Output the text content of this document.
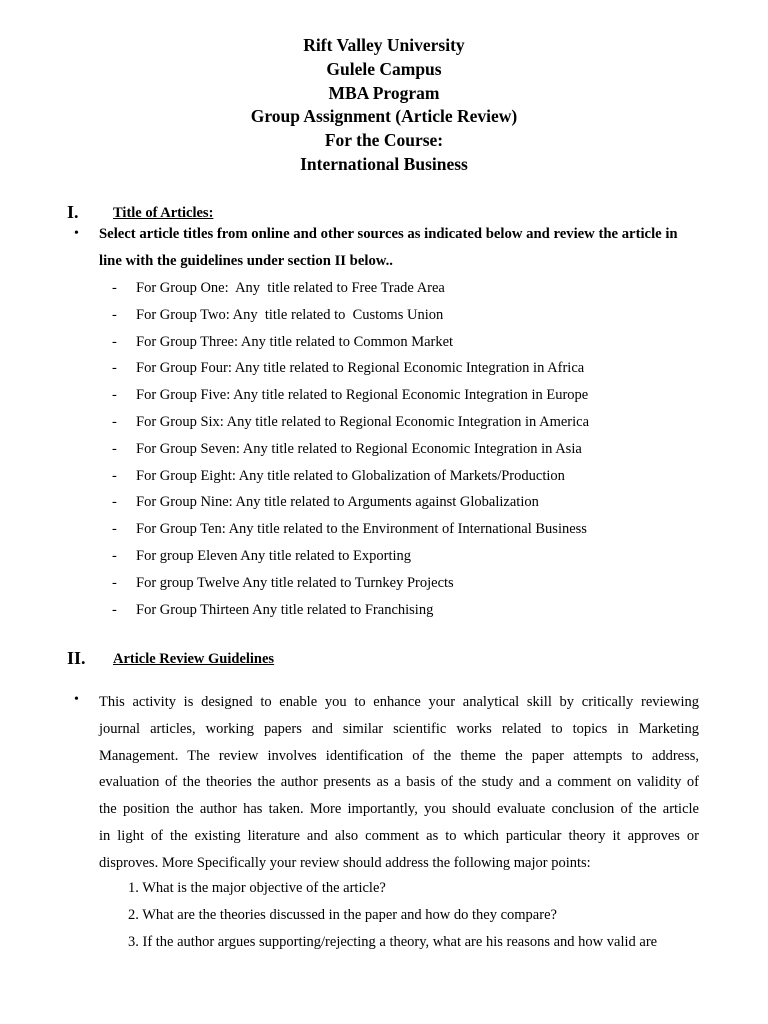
Rift Valley University
Gulele Campus
MBA Program
Group Assignment (Article Review)
For the Course:
International Business
I. Title of Articles:
• Select article titles from online and other sources as indicated below and review the article in
line with the guidelines under section II below..
- For Group One:  Any  title related to Free Trade Area
- For Group Two: Any  title related to  Customs Union
- For Group Three: Any title related to Common Market
- For Group Four: Any title related to Regional Economic Integration in Africa
- For Group Five: Any title related to Regional Economic Integration in Europe
- For Group Six: Any title related to Regional Economic Integration in America
- For Group Seven: Any title related to Regional Economic Integration in Asia
- For Group Eight: Any title related to Globalization of Markets/Production
- For Group Nine: Any title related to Arguments against Globalization
- For Group Ten: Any title related to the Environment of International Business
- For group Eleven Any title related to Exporting
- For group Twelve Any title related to Turnkey Projects
- For Group Thirteen Any title related to Franchising
II. Article Review Guidelines
• This activity is designed to enable you to enhance your analytical skill by critically reviewing
journal articles, working papers and similar scientific works related to topics in Marketing
Management. The review involves identification of the theme the paper attempts to address,
evaluation of the theories the author presents as a basis of the study and a comment on validity of
the position the author has taken. More importantly, you should evaluate conclusion of the article
in light of the existing literature and also comment as to which particular theory it approves or
disproves. More Specifically your review should address the following major points:
1. What is the major objective of the article?
2. What are the theories discussed in the paper and how do they compare?
3. If the author argues supporting/rejecting a theory, what are his reasons and how valid are
